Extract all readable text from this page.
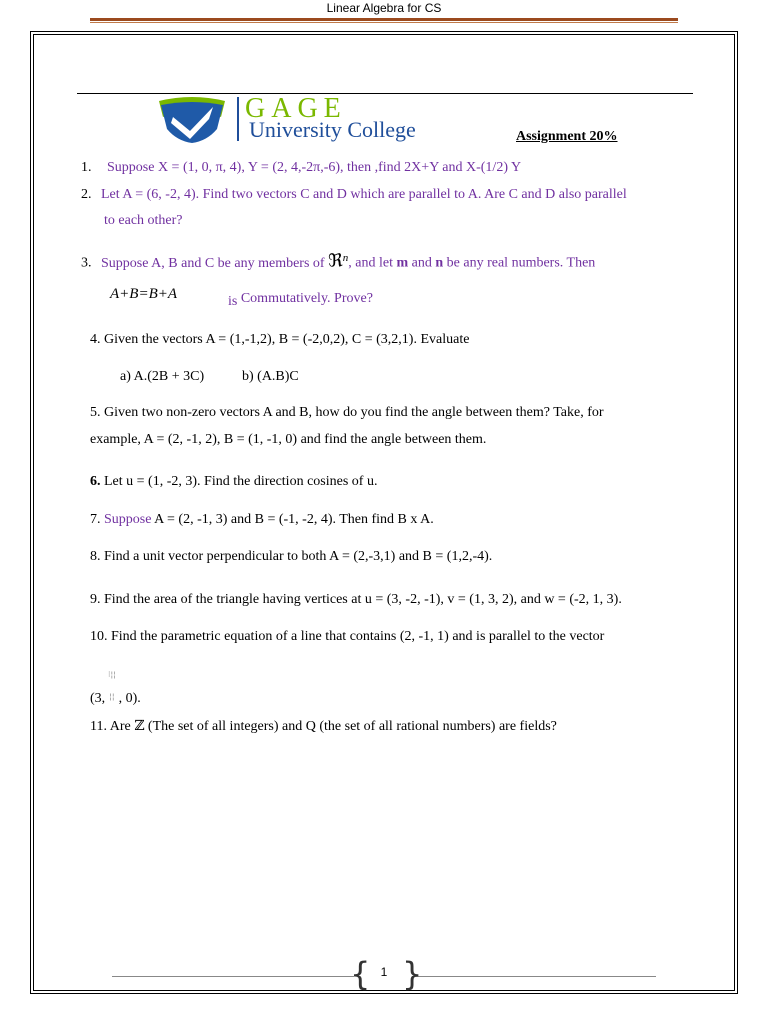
Linear Algebra for CS
GAGE
University College	Assignment 20%
1. Suppose X = (1, 0, π, 4), Y = (2, 4,-2π,-6), then ,find 2X+Y and X-(1/2) Y
2. Let A = (6, -2, 4). Find two vectors C and D which are parallel to A. Are C and D also parallel
to each other?
3. Suppose A, B and C be any members of ℜ$^n$, and let m and n be any real numbers. Then
A+B=B+A	is Commutatively. Prove?
4. Given the vectors A = (1,-1,2), B = (-2,0,2), C = (3,2,1). Evaluate
a) A.(2B + 3C)	b) (A.B)C
5. Given two non-zero vectors A and B, how do you find the angle between them? Take, for
example, A = (2, -1, 2), B = (1, -1, 0) and find the angle between them.
6. Let u = (1, -2, 3). Find the direction cosines of u.
7. Suppose A = (2, -1, 3) and B = (-1, -2, 4). Then find B x A.
8. Find a unit vector perpendicular to both A = (2,-3,1) and B = (1,2,-4).
9. Find the area of the triangle having vertices at u = (3, -2, -1), v = (1, 3, 2), and w = (-2, 1, 3).
10. Find the parametric equation of a line that contains (2, -1, 1) and is parallel to the vector
⁝¦¦
(3, ¦¦ , 0).
11. Are ℤ (The set of all integers) and Q (the set of all rational numbers) are fields?
{ }
1
